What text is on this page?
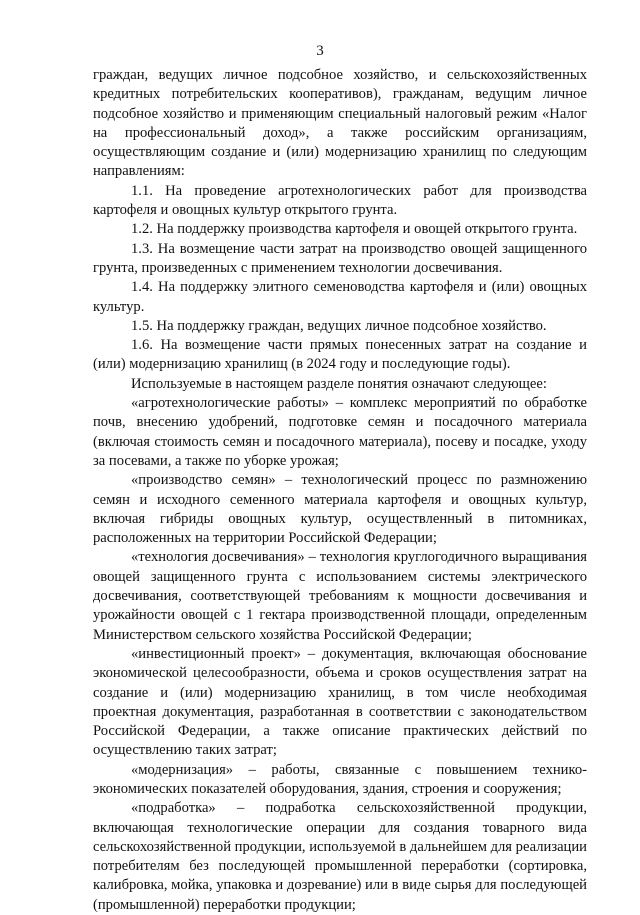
3

граждан, ведущих личное подсобное хозяйство, и сельскохозяйственных кредитных потребительских кооперативов), гражданам, ведущим личное подсобное хозяйство и применяющим специальный налоговый режим «Налог на профессиональный доход», а также российским организациям, осуществляющим создание и (или) модернизацию хранилищ по следующим направлениям:

1.1. На проведение агротехнологических работ для производства картофеля и овощных культур открытого грунта.

1.2. На поддержку производства картофеля и овощей открытого грунта.

1.3. На возмещение части затрат на производство овощей защищенного грунта, произведенных с применением технологии досвечивания.

1.4. На поддержку элитного семеноводства картофеля и (или) овощных культур.

1.5. На поддержку граждан, ведущих личное подсобное хозяйство.

1.6. На возмещение части прямых понесенных затрат на создание и (или) модернизацию хранилищ (в 2024 году и последующие годы).

Используемые в настоящем разделе понятия означают следующее:

«агротехнологические работы» – комплекс мероприятий по обработке почв, внесению удобрений, подготовке семян и посадочного материала (включая стоимость семян и посадочного материала), посеву и посадке, уходу за посевами, а также по уборке урожая;

«производство семян» – технологический процесс по размножению семян и исходного семенного материала картофеля и овощных культур, включая гибриды овощных культур, осуществленный в питомниках, расположенных на территории Российской Федерации;

«технология досвечивания» – технология круглогодичного выращивания овощей защищенного грунта с использованием системы электрического досвечивания, соответствующей требованиям к мощности досвечивания и урожайности овощей с 1 гектара производственной площади, определенным Министерством сельского хозяйства Российской Федерации;

«инвестиционный проект» – документация, включающая обоснование экономической целесообразности, объема и сроков осуществления затрат на создание и (или) модернизацию хранилищ, в том числе необходимая проектная документация, разработанная в соответствии с законодательством Российской Федерации, а также описание практических действий по осуществлению таких затрат;

«модернизация» – работы, связанные с повышением технико-экономических показателей оборудования, здания, строения и сооружения;

«подработка» – подработка сельскохозяйственной продукции, включающая технологические операции для создания товарного вида сельскохозяйственной продукции, используемой в дальнейшем для реализации потребителям без последующей промышленной переработки (сортировка, калибровка, мойка, упаковка и дозревание) или в виде сырья для последующей (промышленной) переработки продукции;
